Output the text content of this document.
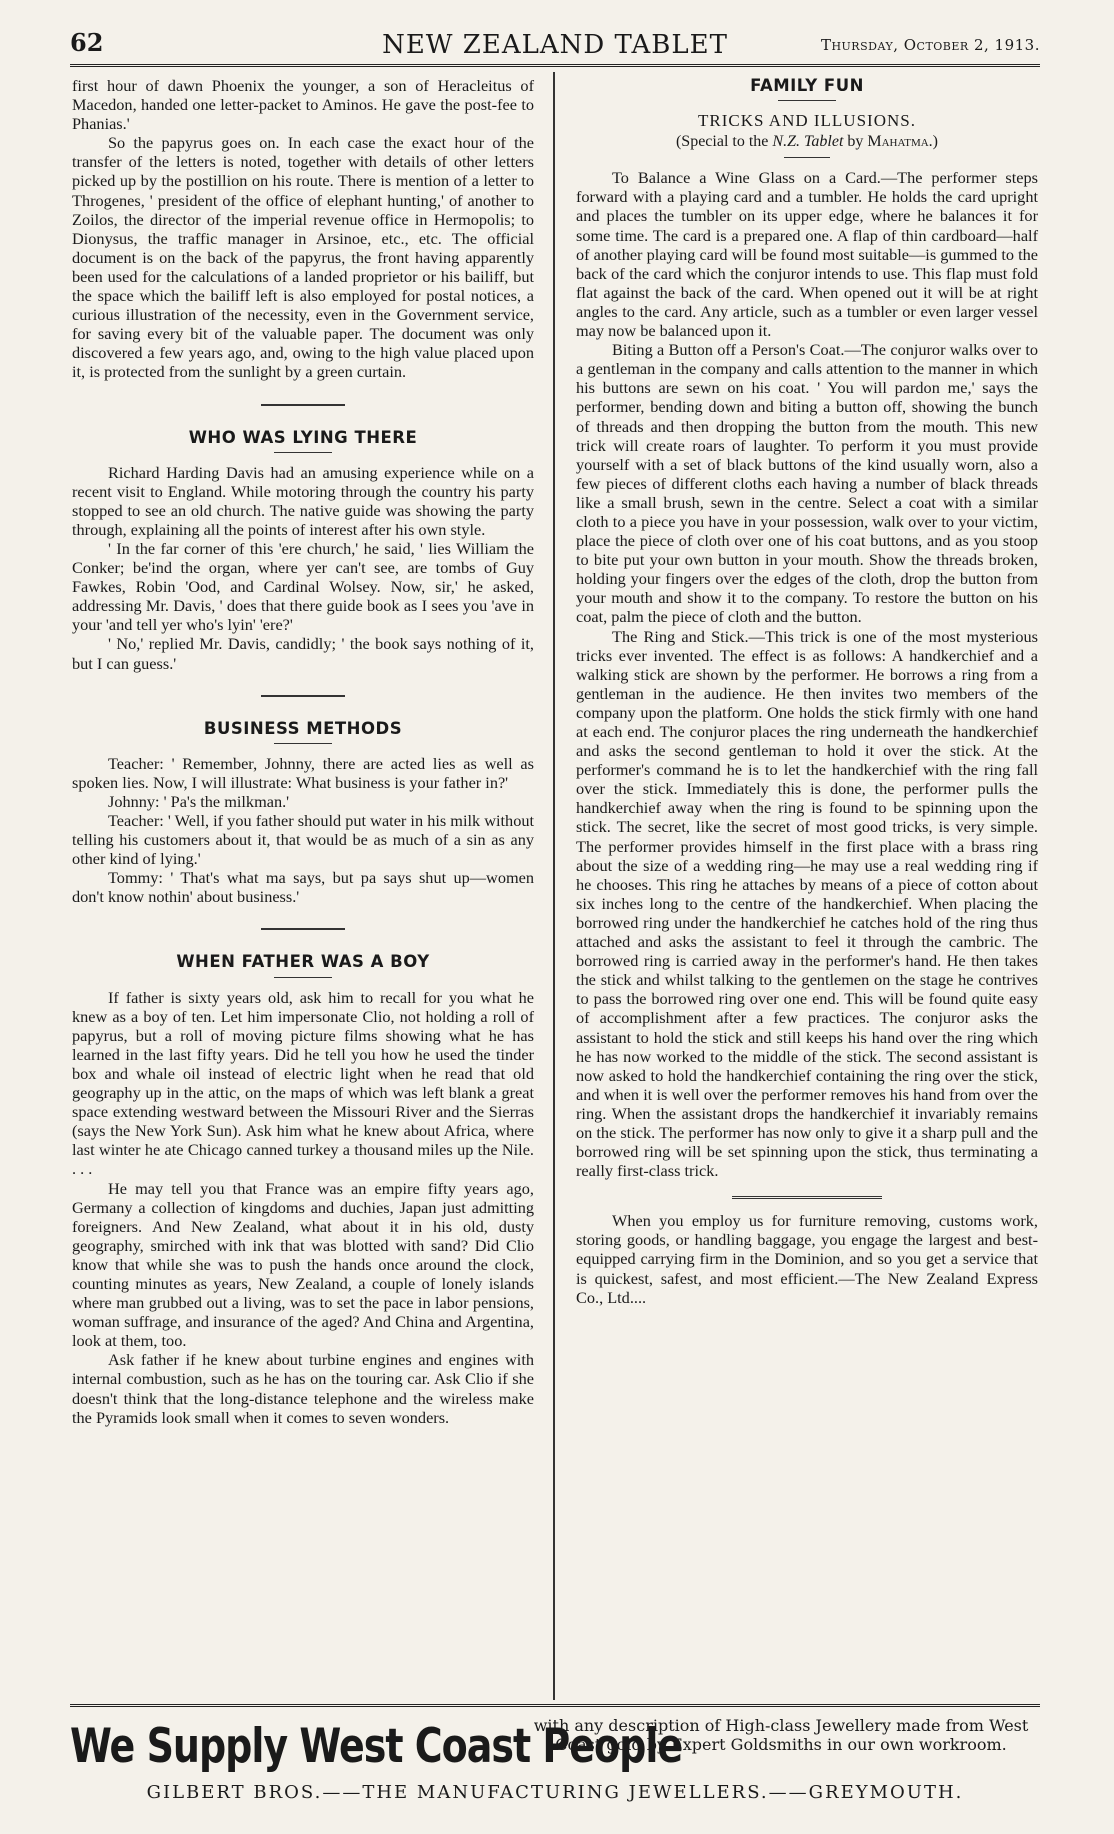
62	NEW ZEALAND TABLET	Thursday, October 2, 1913.

first hour of dawn Phoenix the younger, a son of Heracleitus of Macedon, handed one letter-packet to Aminos. He gave the post-fee to Phanias.'

So the papyrus goes on. In each case the exact hour of the transfer of the letters is noted, together with details of other letters picked up by the postillion on his route. There is mention of a letter to Throgenes, ' president of the office of elephant hunting,' of another to Zoilos, the director of the imperial revenue office in Hermopolis; to Dionysus, the traffic manager in Arsinoe, etc., etc. The official document is on the back of the papyrus, the front having apparently been used for the calculations of a landed proprietor or his bailiff, but the space which the bailiff left is also employed for postal notices, a curious illustration of the necessity, even in the Government service, for saving every bit of the valuable paper. The document was only discovered a few years ago, and, owing to the high value placed upon it, is protected from the sunlight by a green curtain.

WHO WAS LYING THERE

Richard Harding Davis had an amusing experience while on a recent visit to England. While motoring through the country his party stopped to see an old church. The native guide was showing the party through, explaining all the points of interest after his own style.

' In the far corner of this 'ere church,' he said, ' lies William the Conker; be'ind the organ, where yer can't see, are tombs of Guy Fawkes, Robin 'Ood, and Cardinal Wolsey. Now, sir,' he asked, addressing Mr. Davis, ' does that there guide book as I sees you 'ave in your 'and tell yer who's lyin' 'ere?'

' No,' replied Mr. Davis, candidly; ' the book says nothing of it, but I can guess.'

BUSINESS METHODS

Teacher: ' Remember, Johnny, there are acted lies as well as spoken lies. Now, I will illustrate: What business is your father in?'

Johnny: ' Pa's the milkman.'

Teacher: ' Well, if you father should put water in his milk without telling his customers about it, that would be as much of a sin as any other kind of lying.'

Tommy: ' That's what ma says, but pa says shut up—women don't know nothin' about business.'

WHEN FATHER WAS A BOY

If father is sixty years old, ask him to recall for you what he knew as a boy of ten. Let him impersonate Clio, not holding a roll of papyrus, but a roll of moving picture films showing what he has learned in the last fifty years. Did he tell you how he used the tinder box and whale oil instead of electric light when he read that old geography up in the attic, on the maps of which was left blank a great space extending westward between the Missouri River and the Sierras (says the New York Sun). Ask him what he knew about Africa, where last winter he ate Chicago canned turkey a thousand miles up the Nile. . . .

He may tell you that France was an empire fifty years ago, Germany a collection of kingdoms and duchies, Japan just admitting foreigners. And New Zealand, what about it in his old, dusty geography, smirched with ink that was blotted with sand? Did Clio know that while she was to push the hands once around the clock, counting minutes as years, New Zealand, a couple of lonely islands where man grubbed out a living, was to set the pace in labor pensions, woman suffrage, and insurance of the aged? And China and Argentina, look at them, too.

Ask father if he knew about turbine engines and engines with internal combustion, such as he has on the touring car. Ask Clio if she doesn't think that the long-distance telephone and the wireless make the Pyramids look small when it comes to seven wonders.

FAMILY FUN
TRICKS AND ILLUSIONS.
(Special to the N.Z. Tablet by Mahatma.)

To Balance a Wine Glass on a Card.—The performer steps forward with a playing card and a tumbler. He holds the card upright and places the tumbler on its upper edge, where he balances it for some time. The card is a prepared one. A flap of thin cardboard—half of another playing card will be found most suitable—is gummed to the back of the card which the conjuror intends to use. This flap must fold flat against the back of the card. When opened out it will be at right angles to the card. Any article, such as a tumbler or even larger vessel may now be balanced upon it.

Biting a Button off a Person's Coat.—The conjuror walks over to a gentleman in the company and calls attention to the manner in which his buttons are sewn on his coat. ' You will pardon me,' says the performer, bending down and biting a button off, showing the bunch of threads and then dropping the button from the mouth. This new trick will create roars of laughter. To perform it you must provide yourself with a set of black buttons of the kind usually worn, also a few pieces of different cloths each having a number of black threads like a small brush, sewn in the centre. Select a coat with a similar cloth to a piece you have in your possession, walk over to your victim, place the piece of cloth over one of his coat buttons, and as you stoop to bite put your own button in your mouth. Show the threads broken, holding your fingers over the edges of the cloth, drop the button from your mouth and show it to the company. To restore the button on his coat, palm the piece of cloth and the button.

The Ring and Stick.—This trick is one of the most mysterious tricks ever invented. The effect is as follows: A handkerchief and a walking stick are shown by the performer. He borrows a ring from a gentleman in the audience. He then invites two members of the company upon the platform. One holds the stick firmly with one hand at each end. The conjuror places the ring underneath the handkerchief and asks the second gentleman to hold it over the stick. At the performer's command he is to let the handkerchief with the ring fall over the stick. Immediately this is done, the performer pulls the handkerchief away when the ring is found to be spinning upon the stick. The secret, like the secret of most good tricks, is very simple. The performer provides himself in the first place with a brass ring about the size of a wedding ring—he may use a real wedding ring if he chooses. This ring he attaches by means of a piece of cotton about six inches long to the centre of the handkerchief. When placing the borrowed ring under the handkerchief he catches hold of the ring thus attached and asks the assistant to feel it through the cambric. The borrowed ring is carried away in the performer's hand. He then takes the stick and whilst talking to the gentlemen on the stage he contrives to pass the borrowed ring over one end. This will be found quite easy of accomplishment after a few practices. The conjuror asks the assistant to hold the stick and still keeps his hand over the ring which he has now worked to the middle of the stick. The second assistant is now asked to hold the handkerchief containing the ring over the stick, and when it is well over the performer removes his hand from over the ring. When the assistant drops the handkerchief it invariably remains on the stick. The performer has now only to give it a sharp pull and the borrowed ring will be set spinning upon the stick, thus terminating a really first-class trick.

When you employ us for furniture removing, customs work, storing goods, or handling baggage, you engage the largest and best-equipped carrying firm in the Dominion, and so you get a service that is quickest, safest, and most efficient.—The New Zealand Express Co., Ltd....

We Supply West Coast People
with any description of High-class Jewellery made from West Coast gold by Expert Goldsmiths in our own workroom.
GILBERT BROS.——THE MANUFACTURING JEWELLERS.——GREYMOUTH.
